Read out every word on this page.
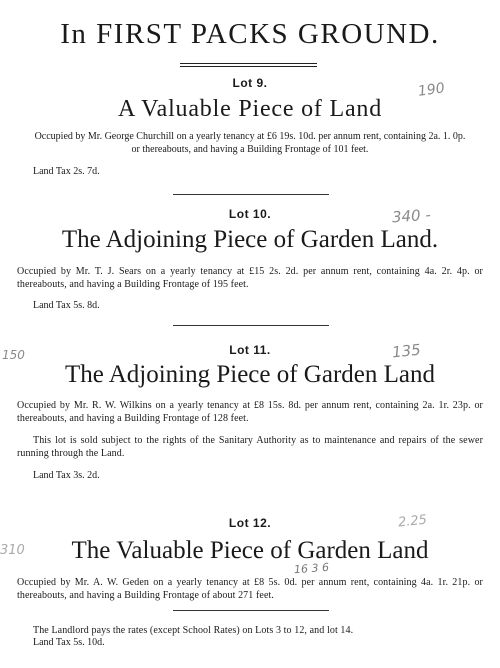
In FIRST PACKS GROUND.
Lot 9.	190
A Valuable Piece of Land
Occupied by Mr. George Churchill on a yearly tenancy at £6 19s. 10d. per annum rent, containing 2a. 1. 0p. or thereabouts, and having a Building Frontage of 101 feet.
Land Tax 2s. 7d.
Lot 10.	340 -
The Adjoining Piece of Garden Land.
Occupied by Mr. T. J. Sears on a yearly tenancy at £15 2s. 2d. per annum rent, containing 4a. 2r. 4p. or thereabouts, and having a Building Frontage of 195 feet.
Land Tax 5s. 8d.
150	Lot 11.	135
The Adjoining Piece of Garden Land
Occupied by Mr. R. W. Wilkins on a yearly tenancy at £8 15s. 8d. per annum rent, containing 2a. 1r. 23p. or thereabouts, and having a Building Frontage of 128 feet.
This lot is sold subject to the rights of the Sanitary Authority as to maintenance and repairs of the sewer running through the Land.
Land Tax 3s. 2d.
Lot 12.	2.25
310	The Valuable Piece of Garden Land
16 3 6
Occupied by Mr. A. W. Geden on a yearly tenancy at £8 5s. 0d. per annum rent, containing 4a. 1r. 21p. or thereabouts, and having a Building Frontage of about 271 feet.
The Landlord pays the rates (except School Rates) on Lots 3 to 12, and lot 14.
Land Tax 5s. 10d.
